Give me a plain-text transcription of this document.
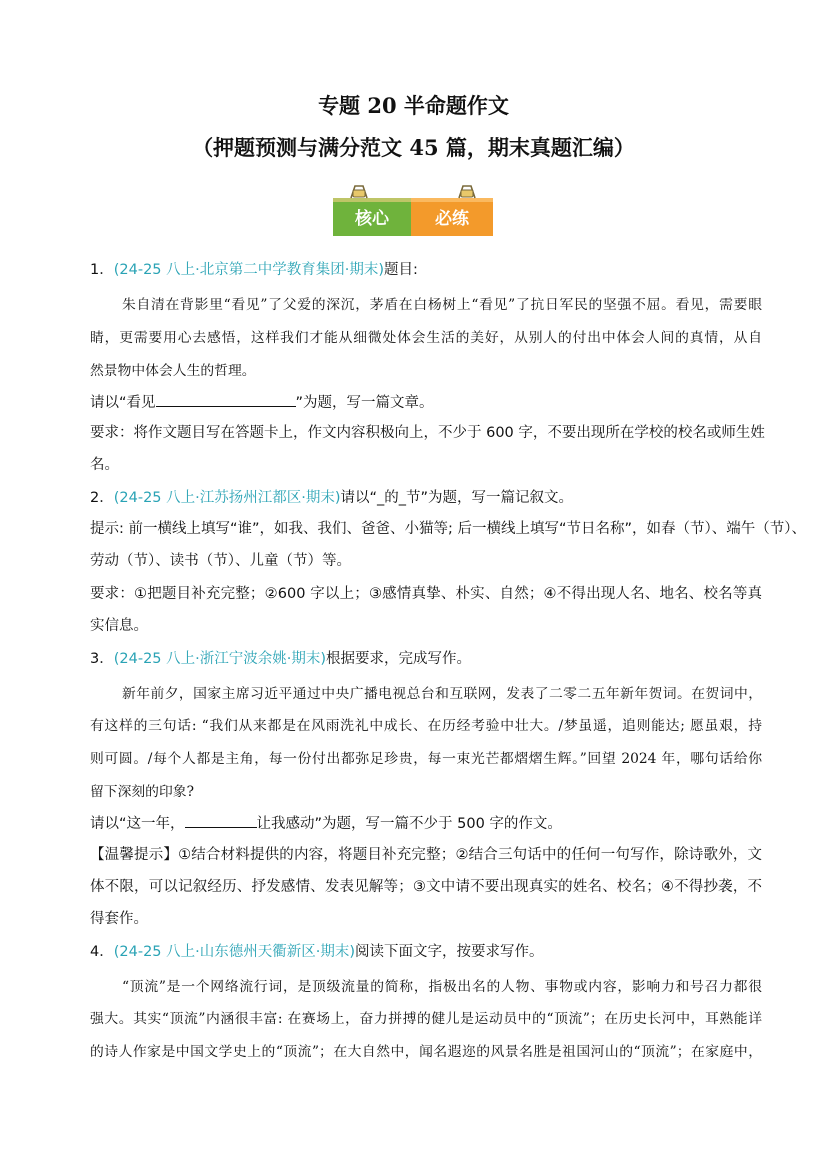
专题 20 半命题作文
（押题预测与满分范文 45 篇，期末真题汇编）
核心	必练
1．(24-25 八上·北京第二中学教育集团·期末)题目:
朱自清在背影里“看见”了父爱的深沉，茅盾在白杨树上“看见”了抗日军民的坚强不屈。看见，需要眼
睛，更需要用心去感悟，这样我们才能从细微处体会生活的美好，从别人的付出中体会人间的真情，从自
然景物中体会人生的哲理。
请以“看见	”为题，写一篇文章。
要求：将作文题目写在答题卡上，作文内容积极向上，不少于 600 字，不要出现所在学校的校名或师生姓
名。
2．(24-25 八上·江苏扬州江都区·期末)请以“_的_节”为题，写一篇记叙文。
提示: 前一横线上填写“谁”，如我、我们、爸爸、小猫等; 后一横线上填写“节日名称”，如春（节）、端午（节）、
劳动（节）、读书（节）、儿童（节）等。
要求：①把题目补充完整；②600 字以上；③感情真挚、朴实、自然；④不得出现人名、地名、校名等真
实信息。
3．(24-25 八上·浙江宁波余姚·期末)根据要求，完成写作。
新年前夕，国家主席习近平通过中央广播电视总台和互联网，发表了二零二五年新年贺词。在贺词中，
有这样的三句话: “我们从来都是在风雨洗礼中成长、在历经考验中壮大。/梦虽遥，追则能达; 愿虽艰，持
则可圆。/每个人都是主角，每一份付出都弥足珍贵，每一束光芒都熠熠生辉。”回望 2024 年，哪句话给你
留下深刻的印象?
请以“这一年，	让我感动”为题，写一篇不少于 500 字的作文。
【温馨提示】①结合材料提供的内容，将题目补充完整；②结合三句话中的任何一句写作，除诗歌外，文
体不限，可以记叙经历、抒发感情、发表见解等；③文中请不要出现真实的姓名、校名；④不得抄袭，不
得套作。
4．(24-25 八上·山东德州天衢新区·期末)阅读下面文字，按要求写作。
“顶流”是一个网络流行词，是顶级流量的简称，指极出名的人物、事物或内容，影响力和号召力都很
强大。其实“顶流”内涵很丰富: 在赛场上，奋力拼搏的健儿是运动员中的“顶流”；在历史长河中，耳熟能详
的诗人作家是中国文学史上的“顶流”；在大自然中，闻名遐迩的风景名胜是祖国河山的“顶流”；在家庭中，
